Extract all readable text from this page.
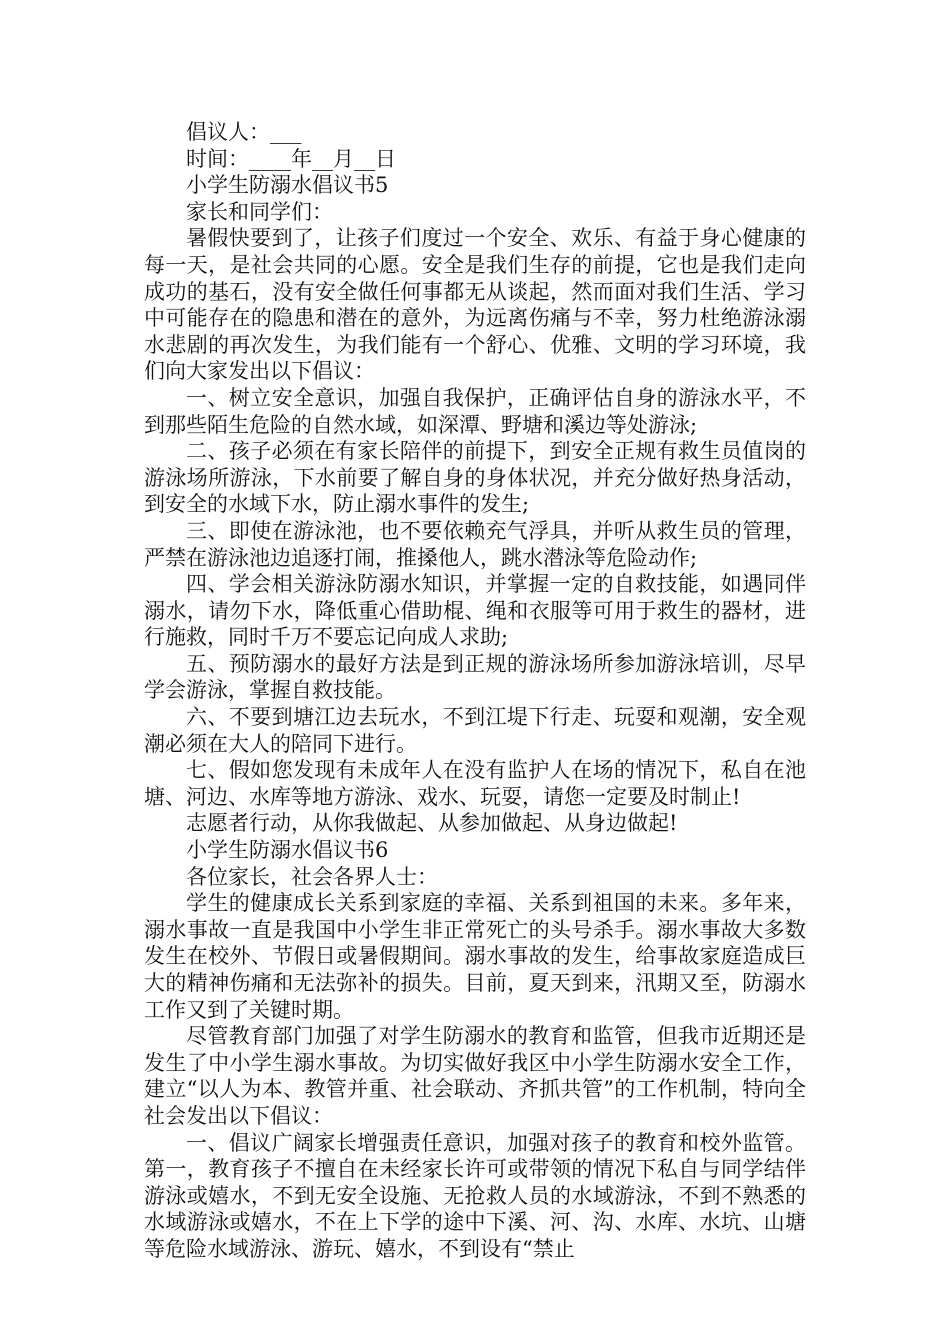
倡议人：___

时间：____年__月__日

小学生防溺水倡议书5

家长和同学们：

暑假快要到了，让孩子们度过一个安全、欢乐、有益于身心健康的每一天，是社会共同的心愿。安全是我们生存的前提，它也是我们走向成功的基石，没有安全做任何事都无从谈起，然而面对我们生活、学习中可能存在的隐患和潜在的意外，为远离伤痛与不幸，努力杜绝游泳溺水悲剧的再次发生，为我们能有一个舒心、优雅、文明的学习环境，我们向大家发出以下倡议：

一、树立安全意识，加强自我保护，正确评估自身的游泳水平，不到那些陌生危险的自然水域，如深潭、野塘和溪边等处游泳;

二、孩子必须在有家长陪伴的前提下，到安全正规有救生员值岗的游泳场所游泳，下水前要了解自身的身体状况，并充分做好热身活动，到安全的水域下水，防止溺水事件的发生;

三、即使在游泳池，也不要依赖充气浮具，并听从救生员的管理，严禁在游泳池边追逐打闹，推搡他人，跳水潜泳等危险动作;

四、学会相关游泳防溺水知识，并掌握一定的自救技能，如遇同伴溺水，请勿下水，降低重心借助棍、绳和衣服等可用于救生的器材，进行施救，同时千万不要忘记向成人求助;

五、预防溺水的最好方法是到正规的游泳场所参加游泳培训，尽早学会游泳，掌握自救技能。

六、不要到塘江边去玩水，不到江堤下行走、玩耍和观潮，安全观潮必须在大人的陪同下进行。

七、假如您发现有未成年人在没有监护人在场的情况下，私自在池塘、河边、水库等地方游泳、戏水、玩耍，请您一定要及时制止!

志愿者行动，从你我做起、从参加做起、从身边做起!

小学生防溺水倡议书6

各位家长，社会各界人士：

学生的健康成长关系到家庭的幸福、关系到祖国的未来。多年来，溺水事故一直是我国中小学生非正常死亡的头号杀手。溺水事故大多数发生在校外、节假日或暑假期间。溺水事故的发生，给事故家庭造成巨大的精神伤痛和无法弥补的损失。目前，夏天到来，汛期又至，防溺水工作又到了关键时期。

尽管教育部门加强了对学生防溺水的教育和监管，但我市近期还是发生了中小学生溺水事故。为切实做好我区中小学生防溺水安全工作，建立“以人为本、教管并重、社会联动、齐抓共管”的工作机制，特向全社会发出以下倡议：

一、倡议广阔家长增强责任意识，加强对孩子的教育和校外监管。第一，教育孩子不擅自在未经家长许可或带领的情况下私自与同学结伴游泳或嬉水，不到无安全设施、无抢救人员的水域游泳，不到不熟悉的水域游泳或嬉水，不在上下学的途中下溪、河、沟、水库、水坑、山塘等危险水域游泳、游玩、嬉水，不到设有“禁止
